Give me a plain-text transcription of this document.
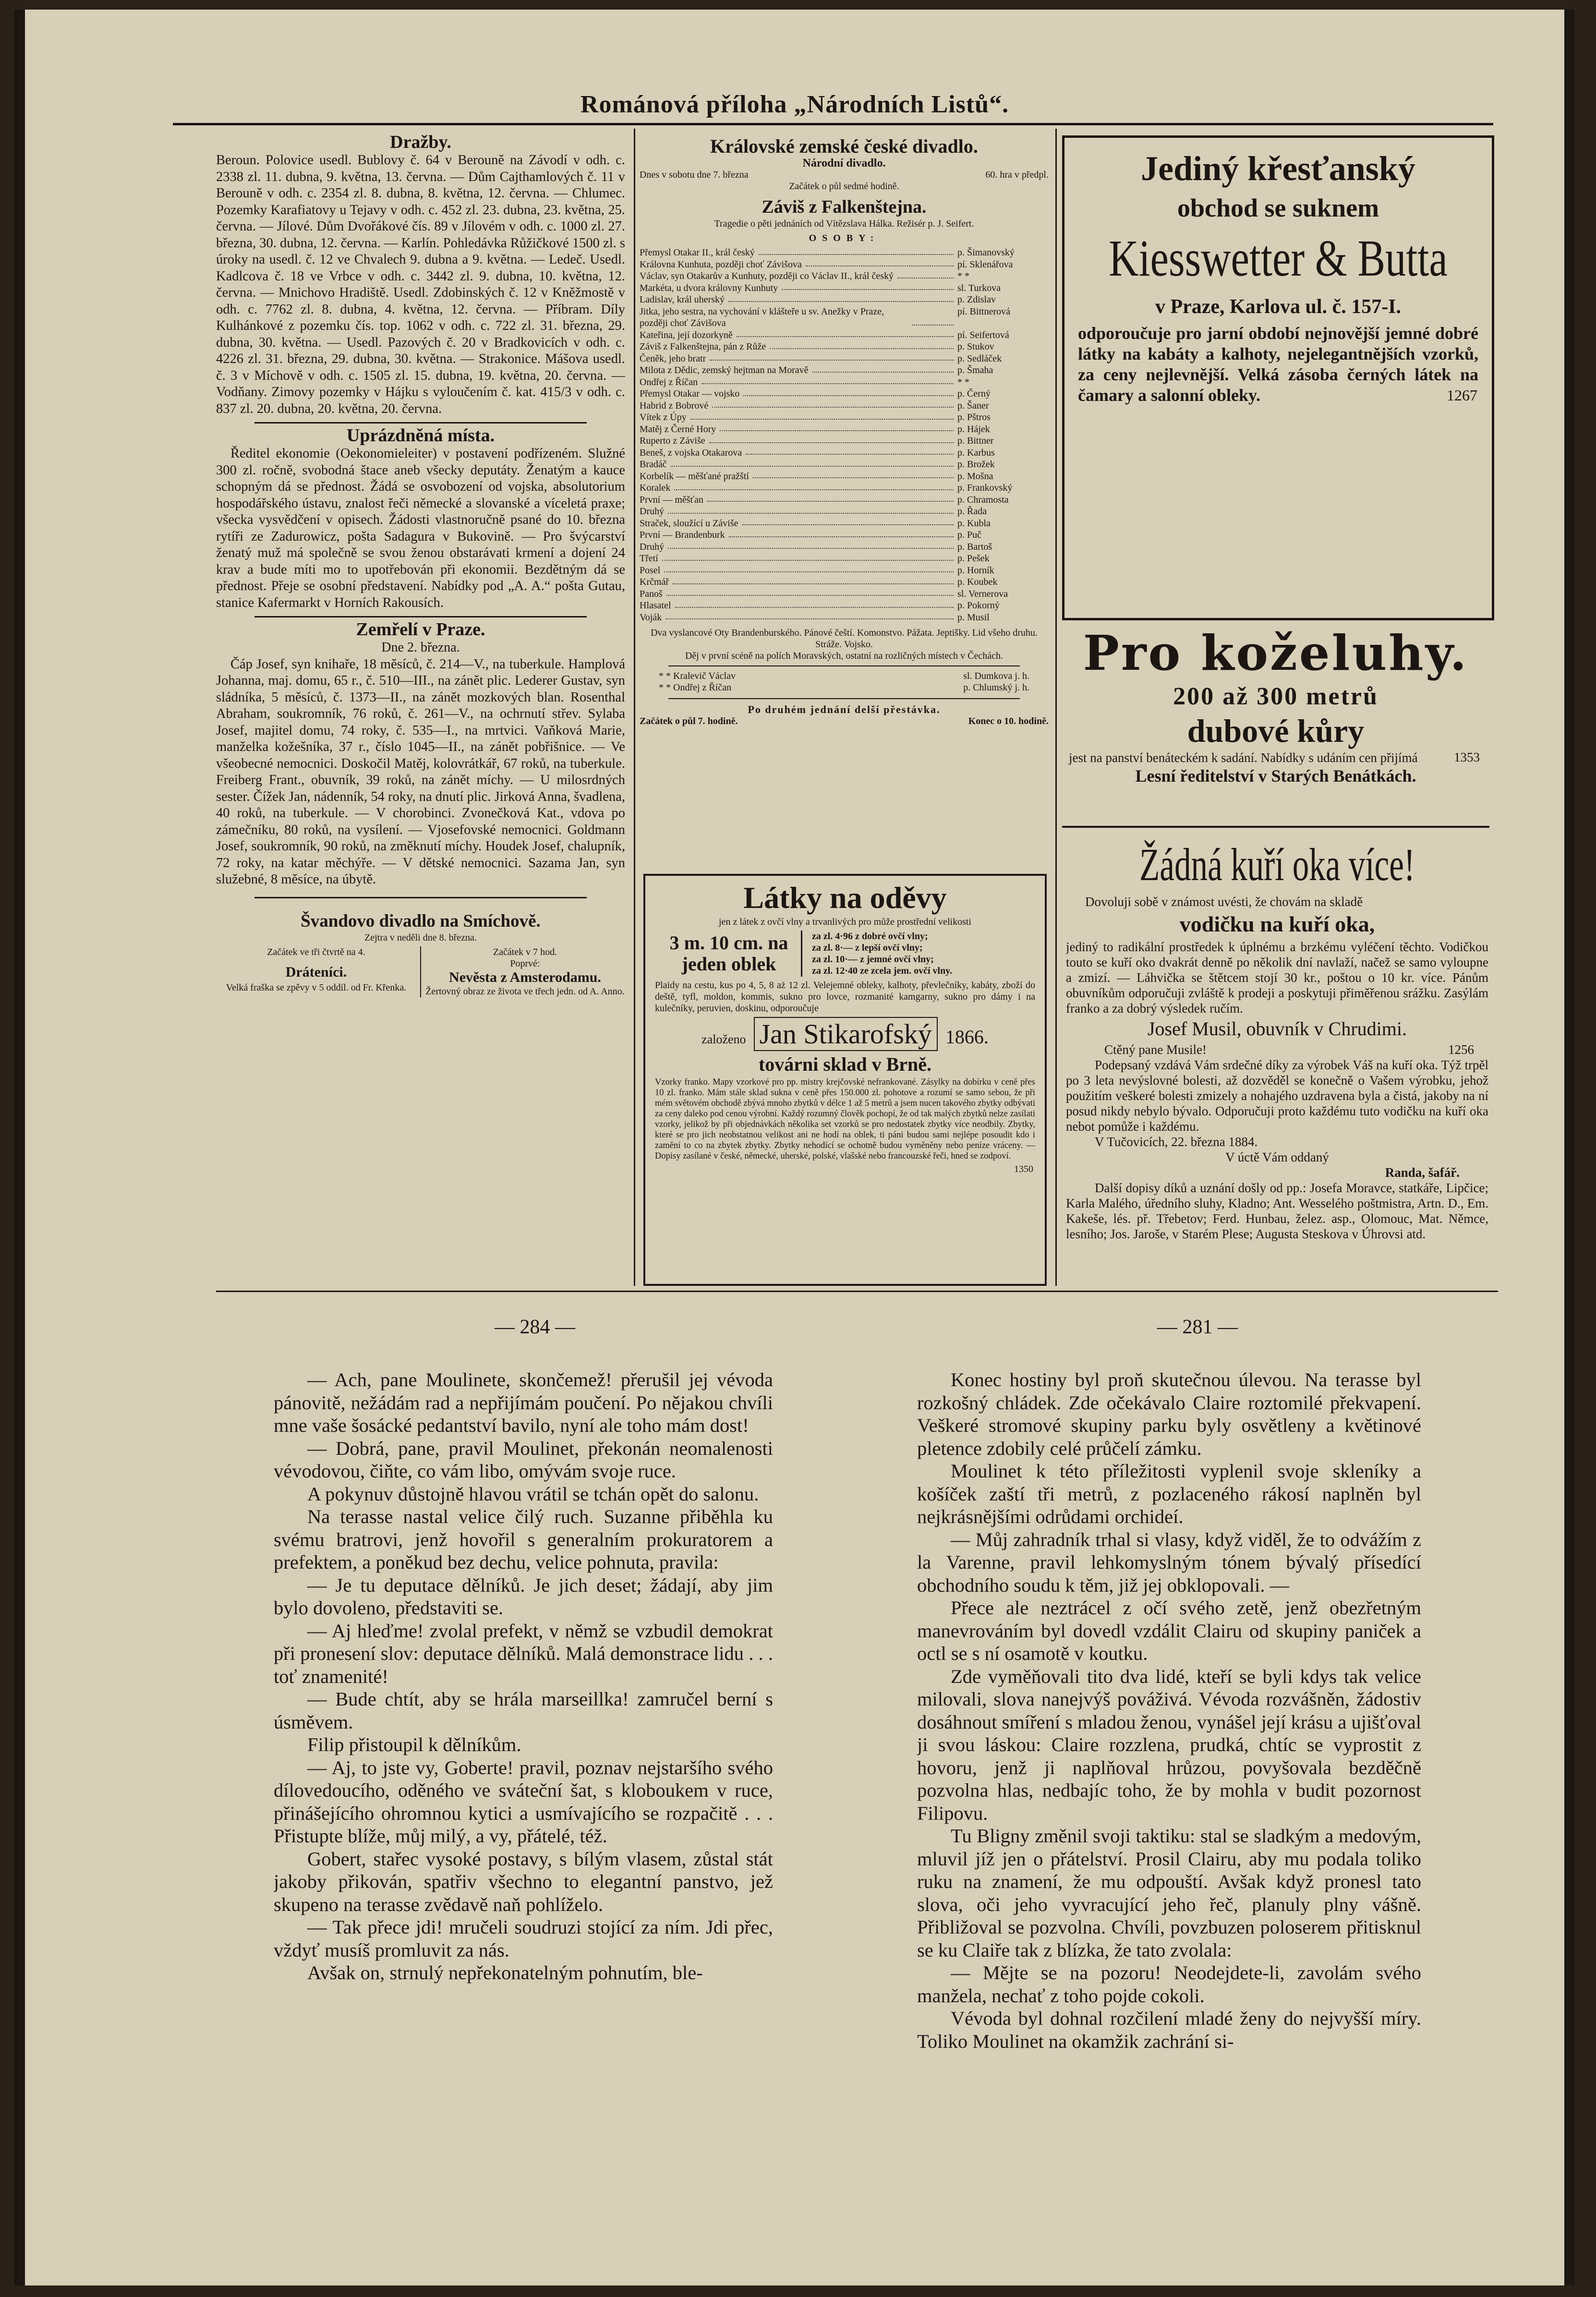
Románová příloha „Národních Listů“.
Dražby.

Beroun. Polovice usedl. Bublovy č. 64 v Berouně na Závodí v odh. c. 2338 zl. 11. dubna, 9. května, 13. června. — Dům Cajthamlových č. 11 v Berouně v odh. c. 2354 zl. 8. dubna, 8. května, 12. června. — Chlumec. Pozemky Karafiatovy u Tejavy v odh. c. 452 zl. 23. dubna, 23. května, 25. června. — Jílové. Dům Dvořákové čís. 89 v Jílovém v odh. c. 1000 zl. 27. března, 30. dubna, 12. června. — Karlín. Pohledávka Růžičkové 1500 zl. s úroky na usedl. č. 12 ve Chvalech 9. dubna a 9. května. — Ledeč. Usedl. Kadlcova č. 18 ve Vrbce v odh. c. 3442 zl. 9. dubna, 10. května, 12. června. — Mnichovo Hradiště. Usedl. Zdobinských č. 12 v Kněžmostě v odh. c. 7762 zl. 8. dubna, 4. května, 12. června. — Příbram. Díly Kulhánkové z pozemku čís. top. 1062 v odh. c. 722 zl. 31. března, 29. dubna, 30. května. — Usedl. Pazových č. 20 v Bradkovicích v odh. c. 4226 zl. 31. března, 29. dubna, 30. května. — Strakonice. Mášova usedl. č. 3 v Míchově v odh. c. 1505 zl. 15. dubna, 19. května, 20. června. — Vodňany. Zimovy pozemky v Hájku s vyloučením č. kat. 415/3 v odh. c. 837 zl. 20. dubna, 20. května, 20. června.

Uprázdněná místa.

Ředitel ekonomie (Oekonomieleiter) v postavení podřízeném. Služné 300 zl. ročně, svobodná štace aneb všecky deputáty. Ženatým a kauce schopným dá se přednost. Žádá se osvobození od vojska, absolutorium hospodářského ústavu, znalost řeči německé a slovanské a víceletá praxe; všecka vysvědčení v opisech. Žádosti vlastnoručně psané do 10. března rytíři ze Zadurowicz, pošta Sadagura v Bukovině. — Pro švýcarství ženatý muž má společně se svou ženou obstarávati krmení a dojení 24 krav a bude míti mo to upotřebován při ekonomii. Bezdětným dá se přednost. Přeje se osobní představení. Nabídky pod „A. A.“ pošta Gutau, stanice Kafermarkt v Horních Rakousích.

Zemřelí v Praze.
Dne 2. března.

Čáp Josef, syn knihaře, 18 měsíců, č. 214—V., na tuberkule. Hamplová Johanna, maj. domu, 65 r., č. 510—III., na zánět plic. Lederer Gustav, syn sládníka, 5 měsíců, č. 1373—II., na zánět mozkových blan. Rosenthal Abraham, soukromník, 76 roků, č. 261—V., na ochrnutí střev. Sylaba Josef, majitel domu, 74 roky, č. 535—I., na mrtvici. Vaňková Marie, manželka kožešníka, 37 r., číslo 1045—II., na zánět pobřišnice. — Ve všeobecné nemocnici. Doskočil Matěj, kolovrátkář, 67 roků, na tuberkule. Freiberg Frant., obuvník, 39 roků, na zánět míchy. — U milosrdných sester. Čížek Jan, nádenník, 54 roky, na dnutí plic. Jirková Anna, švadlena, 40 roků, na tuberkule. — V chorobinci. Zvonečková Kat., vdova po zámečníku, 80 roků, na vysílení. — Vjosefovské nemocnici. Goldmann Josef, soukromník, 90 roků, na změknutí míchy. Houdek Josef, chalupník, 72 roky, na katar měchýře. — V dětské nemocnici. Sazama Jan, syn služebné, 8 měsíce, na úbytě.

Švandovo divadlo na Smíchově.
Zejtra v neděli dne 8. března.
Začátek ve tři čtvrtě na 4.
Dráteníci.
Velká fraška se zpěvy v 5 oddíl. od Fr. Křenka.
Začátek v 7 hod.
Poprvé:
Nevěsta z Amsterodamu.
Žertovný obraz ze života ve třech jedn. od A. Anno.
Královské zemské české divadlo.
Národní divadlo.
Dnes v sobotu dne 7. března	60. hra v předpl.
Začátek o půl sedmé hodině.
Záviš z Falkenštejna.
Tragedie o pěti jednáních od Vítězslava Hálka. Režisér p. J. Seifert.
OSOBY:
Přemysl Otakar II., král český	p. Šimanovský
Královna Kunhuta, později choť Závišova	pí. Sklenářova
Václav, syn Otakarův a Kunhuty, později co Václav II., král český	* *
Markéta, u dvora královny Kunhuty	sl. Turkova
Ladislav, král uherský	p. Zdislav
Jitka, jeho sestra, na vychování v klášteře u sv. Anežky v Praze, později choť Závišova
pí. Bittnerová
Kateřina, její dozorkyně	pí. Seifertová
Záviš z Falkenštejna, pán z Růže	p. Stukov
Čeněk, jeho bratr	p. Sedláček
Milota z Dědic, zemský hejtman na Moravě	p. Šmaha
Ondřej z Říčan	* *
Přemysl Otakar — vojsko	p. Černý
Habrid z Bobrové	p. Šaner
Vítek z Úpy	p. Pštros
Matěj z Černé Hory	p. Hájek
Ruperto z Záviše	p. Bittner
Beneš, z vojska Otakarova	p. Karbus
Bradáč	p. Brožek
Korbelík — měšťané pražští	p. Mošna
Koralek	p. Frankovský
První — měšťan	p. Chramosta
Druhý	p. Řada
Straček, sloužící u Záviše	p. Kubla
První — Brandenburk	p. Puč
Druhý	p. Bartoš
Třetí	p. Pešek
Posel	p. Horník
Krčmář	p. Koubek
Panoš	sl. Vernerova
Hlasatel	p. Pokorný
Voják	p. Musil
Dva vyslancové Oty Brandenburského. Pánové čeští. Komonstvo. Pážata. Jeptišky. Lid všeho druhu. Stráže. Vojsko.
Děj v první scéně na polích Moravských, ostatní na rozličných místech v Čechách.
* * Kralevič Václav	sl. Dumkova j. h.
* * Ondřej z Říčan	p. Chlumský j. h.
Po druhém jednání delší přestávka.
Začátek o půl 7. hodině.	Konec o 10. hodině.
Látky na oděvy
jen z látek z ovčí vlny a trvanlivých pro může prostřední velikosti
3 m. 10 cm. na jeden oblek
za zl. 4·96 z dobré ovčí vlny;
za zl. 8·— z lepší ovčí vlny;
za zl. 10·— z jemné ovčí vlny;
za zl. 12·40 ze zcela jem. ovčí vlny.
Plaidy na cestu, kus po 4, 5, 8 aż 12 zl. Velejemné obleky, kalhoty, převlečníky, kabáty, zboží do deště, tyfl, moldon, kommis, sukno pro lovce, rozmanité kamgarny, sukno pro dámy i na kulečníky, peruvien, doskinu, odporoučuje
založeno Jan Stikarofský 1866.
továrni sklad v Brně.
Vzorky franko. Mapy vzorkové pro pp. mistry krejčovské nefrankované. Zásylky na dobírku v ceně přes 10 zl. franko. Mám stále sklad sukna v ceně přes 150.000 zl. pohotove a rozumí se samo sebou, že při mém světovém obchodě zbývá mnoho zbytků v délce 1 až 5 metrů a jsem nucen takového zbytky odbývati za ceny daleko pod cenou výrobní. Každý rozumný člověk pochopí, že od tak malých zbytků nelze zasílati vzorky, jelikož by při objednávkách několika set vzorků se pro nedostatek zbytky více neodbily. Zbytky, které se pro jich neobstatnou velikost ani ne hodí na oblek, ti páni budou sami nejlépe posoudit kdo i zamění to co na zbytek zbytky. Zbytky nehodící se ochotně budou vyměněny nebo peníze vráceny. — Dopisy zasílané v české, německé, uherské, polské, vlašské nebo francouzské řeči, hned se zodpoví.
1350
Jediný křesťanský
obchod se suknem
Kiesswetter & Butta
v Praze, Karlova ul. č. 157-I.
odporoučuje pro jarní období nejnovější jemné dobré látky na kabáty a kalhoty, nejelegantnějších vzorků, za ceny nejlevnější. Velká zásoba černých látek na čamary a salonní obleky.	1267
Pro koželuhy.
200 až 300 metrů
dubové kůry
jest na panství benáteckém k sadání. Nabídky s udáním cen přijímá	1353
Lesní ředitelství v Starých Benátkách.
Žádná kuří oka více!
Dovoluji sobě v známost uvésti, že chovám na skladě
vodičku na kuří oka,
jediný to radikální prostředek k úplnému a brzkému vyléčení těchto. Vodičkou touto se kuří oko dvakrát denně po několik dní navlaží, načež se samo vyloupne a zmizí. — Láhvička se štětcem stojí 30 kr., poštou o 10 kr. více. Pánům obuvníkům odporučuji zvláště k prodeji a poskytuji přiměřenou srážku. Zasýlám franko a za dobrý výsledek ručím.
Josef Musil, obuvník v Chrudimi.
Ctěný pane Musile!	1256
Podepsaný vzdává Vám srdečné díky za výrobek Váš na kuří oka. Týž trpěl po 3 leta nevýslovné bolesti, až dozvěděl se konečně o Vašem výrobku, jehož použitím veškeré bolesti zmizely a nohajého uzdravena byla a čistá, jakoby na ní posud nikdy nebylo bývalo. Odporučuji proto každému tuto vodičku na kuří oka nebot pomůže i každému.
V Tučovicích, 22. března 1884.
V úctě Vám oddaný
Randa, šafář.
Další dopisy díků a uznání došly od pp.: Josefa Moravce, statkáře, Lipčice; Karla Malého, úředního sluhy, Kladno; Ant. Wesselého poštmistra, Artn. D., Em. Kakeše, lés. př. Třebetov; Ferd. Hunbau, želez. asp., Olomouc, Mat. Němce, lesního; Jos. Jaroše, v Starém Plese; Augusta Steskova v Úhrovsi atd.
— 284 —	— 281 —

— Ach, pane Moulinete, skončemež! přerušil jej vévoda pánovitě, nežádám rad a nepřijímám poučení. Po nějakou chvíli mne vaše šosácké pedantství bavilo, nyní ale toho mám dost!

— Dobrá, pane, pravil Moulinet, překonán neomalenosti vévodovou, čiňte, co vám libo, omývám svoje ruce.

A pokynuv důstojně hlavou vrátil se tchán opět do salonu.

Na terasse nastal velice čilý ruch. Suzanne přiběhla ku svému bratrovi, jenž hovořil s generalním prokuratorem a prefektem, a poněkud bez dechu, velice pohnuta, pravila:

— Je tu deputace dělníků. Je jich deset; žádají, aby jim bylo dovoleno, představiti se.

— Aj hleďme! zvolal prefekt, v němž se vzbudil demokrat při pronesení slov: deputace dělníků. Malá demonstrace lidu . . . toť znamenité!

— Bude chtít, aby se hrála marseillka! zamručel berní s úsměvem.

Filip přistoupil k dělníkům.

— Aj, to jste vy, Goberte! pravil, poznav nejstaršího svého dílovedoucího, oděného ve sváteční šat, s kloboukem v ruce, přinášejícího ohromnou kytici a usmívajícího se rozpačitě . . . Přistupte blíže, můj milý, a vy, přátelé, též.

Gobert, stařec vysoké postavy, s bílým vlasem, zůstal stát jakoby přikován, spatřiv všechno to elegantní panstvo, jež skupeno na terasse zvědavě naň pohlíželo.

— Tak přece jdi! mručeli soudruzi stojící za ním. Jdi přec, vždyť musíš promluvit za nás.

Avšak on, strnulý nepřekonatelným pohnutím, ble-

Konec hostiny byl proň skutečnou úlevou. Na terasse byl rozkošný chládek. Zde očekávalo Claire roztomilé překvapení. Veškeré stromové skupiny parku byly osvětleny a květinové pletence zdobily celé průčelí zámku.

Moulinet k této příležitosti vyplenil svoje skleníky a košíček zaští tři metrů, z pozlaceného rákosí naplněn byl nejkrásnějšími odrůdami orchideí.

— Můj zahradník trhal si vlasy, když viděl, že to odvážím z la Varenne, pravil lehkomyslným tónem bývalý přísedící obchodního soudu k těm, již jej obklopovali. —

Přece ale neztrácel z očí svého zetě, jenž obezřetným manevrováním byl dovedl vzdálit Clairu od skupiny paniček a octl se s ní osamotě v koutku.

Zde vyměňovali tito dva lidé, kteří se byli kdys tak velice milovali, slova nanejvýš pováživá. Vévoda rozvášněn, žádostiv dosáhnout smíření s mladou ženou, vynášel její krásu a ujišťoval ji svou láskou: Claire rozzlena, prudká, chtíc se vyprostit z hovoru, jenž ji naplňoval hrůzou, povyšovala bezděčně pozvolna hlas, nedbajíc toho, že by mohla v budit pozornost Filipovu.

Tu Bligny změnil svoji taktiku: stal se sladkým a medovým, mluvil jíž jen o přátelství. Prosil Clairu, aby mu podala toliko ruku na znamení, že mu odpouští. Avšak když pronesl tato slova, oči jeho vyvracující jeho řeč, planuly plny vášně. Přibližoval se pozvolna. Chvíli, povzbuzen poloserem přitisknul se ku Claiře tak z blízka, že tato zvolala:

— Mějte se na pozoru! Neodejdete-li, zavolám svého manžela, nechať z toho pojde cokoli.

Vévoda byl dohnal rozčilení mladé ženy do nejvyšší míry. Toliko Moulinet na okamžik zachrání si-
